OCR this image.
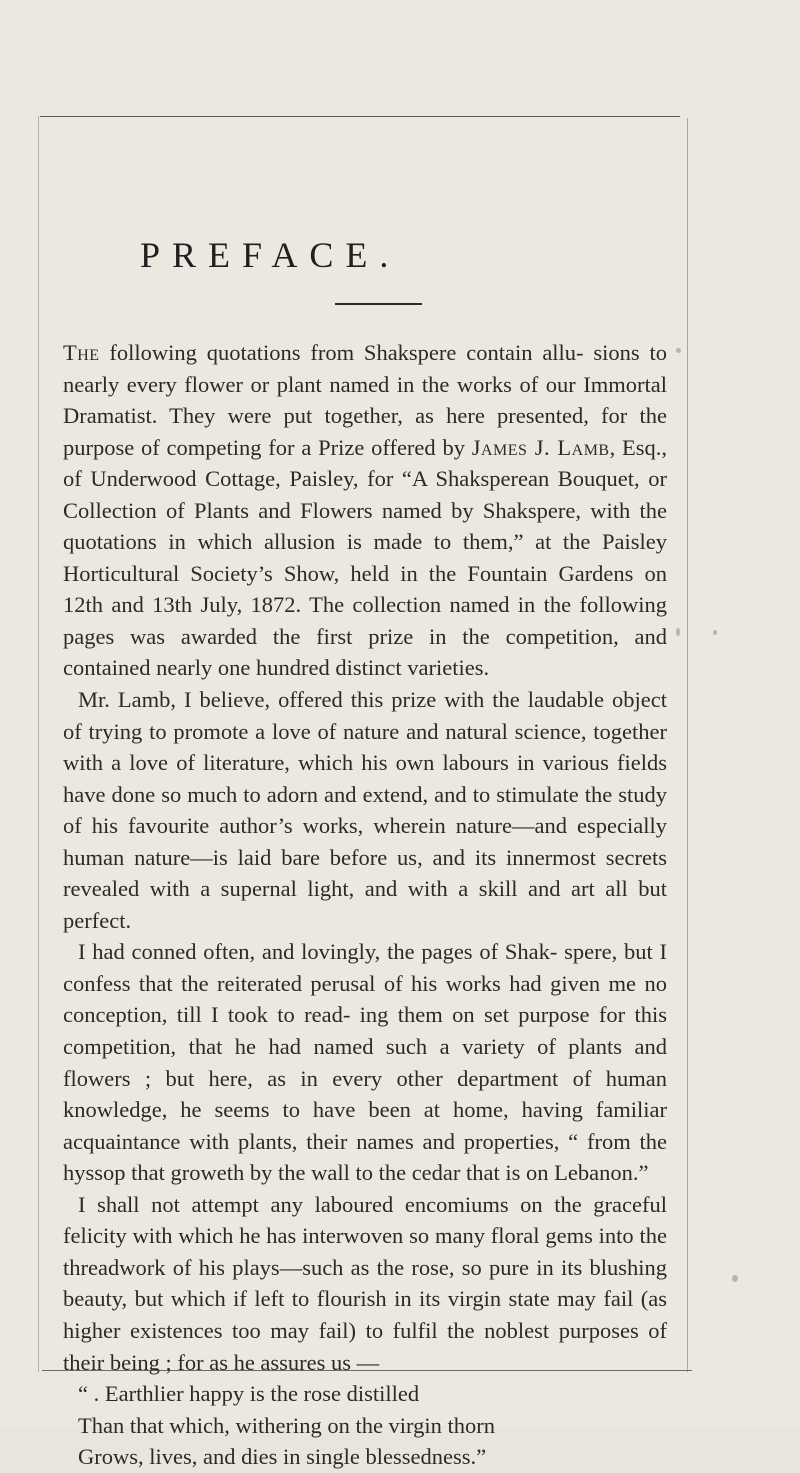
PREFACE.

The following quotations from Shakspere contain allu- sions to nearly every flower or plant named in the works of our Immortal Dramatist. They were put together, as here presented, for the purpose of competing for a Prize offered by James J. Lamb, Esq., of Underwood Cottage, Paisley, for “A Shaksperean Bouquet, or Collection of Plants and Flowers named by Shakspere, with the quotations in which allusion is made to them,” at the Paisley Horticultural Society’s Show, held in the Fountain Gardens on 12th and 13th July, 1872. The collection named in the following pages was awarded the first prize in the competition, and contained nearly one hundred distinct varieties.

Mr. Lamb, I believe, offered this prize with the laudable object of trying to promote a love of nature and natural science, together with a love of literature, which his own labours in various fields have done so much to adorn and extend, and to stimulate the study of his favourite author’s works, wherein nature—and especially human nature—is laid bare before us, and its innermost secrets revealed with a supernal light, and with a skill and art all but perfect.

I had conned often, and lovingly, the pages of Shak- spere, but I confess that the reiterated perusal of his works had given me no conception, till I took to read- ing them on set purpose for this competition, that he had named such a variety of plants and flowers ; but here, as in every other department of human knowledge, he seems to have been at home, having familiar acquaintance with plants, their names and properties, “ from the hyssop that groweth by the wall to the cedar that is on Lebanon.”

I shall not attempt any laboured encomiums on the graceful felicity with which he has interwoven so many floral gems into the threadwork of his plays—such as the rose, so pure in its blushing beauty, but which if left to flourish in its virgin state may fail (as higher existences too may fail) to fulfil the noblest purposes of their being ; for as he assures us —

“ . Earthlier happy is the rose distilled
Than that which, withering on the virgin thorn
Grows, lives, and dies in single blessedness.”
